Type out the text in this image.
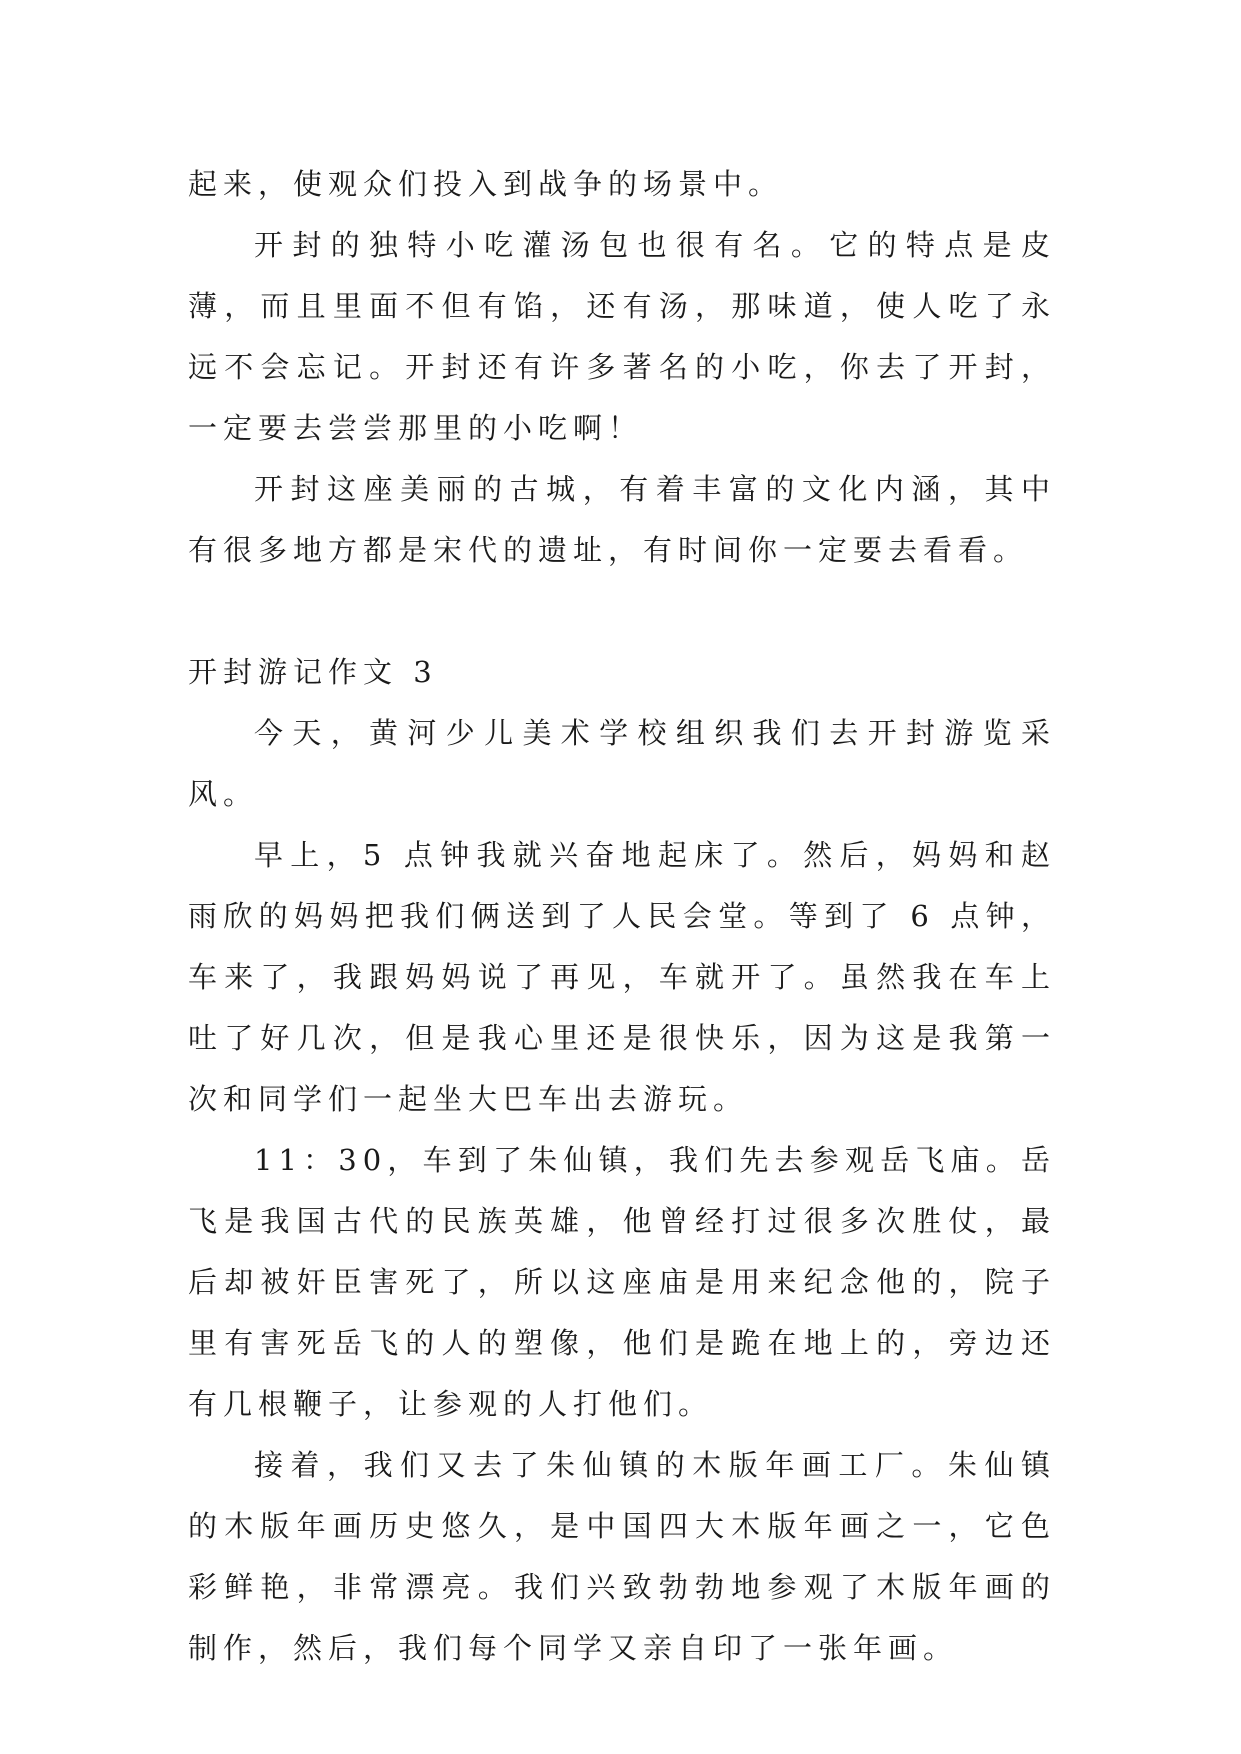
起来，使观众们投入到战争的场景中。

开封的独特小吃灌汤包也很有名。它的特点是皮薄，而且里面不但有馅，还有汤，那味道，使人吃了永远不会忘记。开封还有许多著名的小吃，你去了开封，一定要去尝尝那里的小吃啊！

开封这座美丽的古城，有着丰富的文化内涵，其中有很多地方都是宋代的遗址，有时间你一定要去看看。

开封游记作文 3

今天，黄河少儿美术学校组织我们去开封游览采风。

早上，5 点钟我就兴奋地起床了。然后，妈妈和赵雨欣的妈妈把我们俩送到了人民会堂。等到了 6 点钟，车来了，我跟妈妈说了再见，车就开了。虽然我在车上吐了好几次，但是我心里还是很快乐，因为这是我第一次和同学们一起坐大巴车出去游玩。

11：30，车到了朱仙镇，我们先去参观岳飞庙。岳飞是我国古代的民族英雄，他曾经打过很多次胜仗，最后却被奸臣害死了，所以这座庙是用来纪念他的，院子里有害死岳飞的人的塑像，他们是跪在地上的，旁边还有几根鞭子，让参观的人打他们。

接着，我们又去了朱仙镇的木版年画工厂。朱仙镇的木版年画历史悠久，是中国四大木版年画之一，它色彩鲜艳，非常漂亮。我们兴致勃勃地参观了木版年画的制作，然后，我们每个同学又亲自印了一张年画。
